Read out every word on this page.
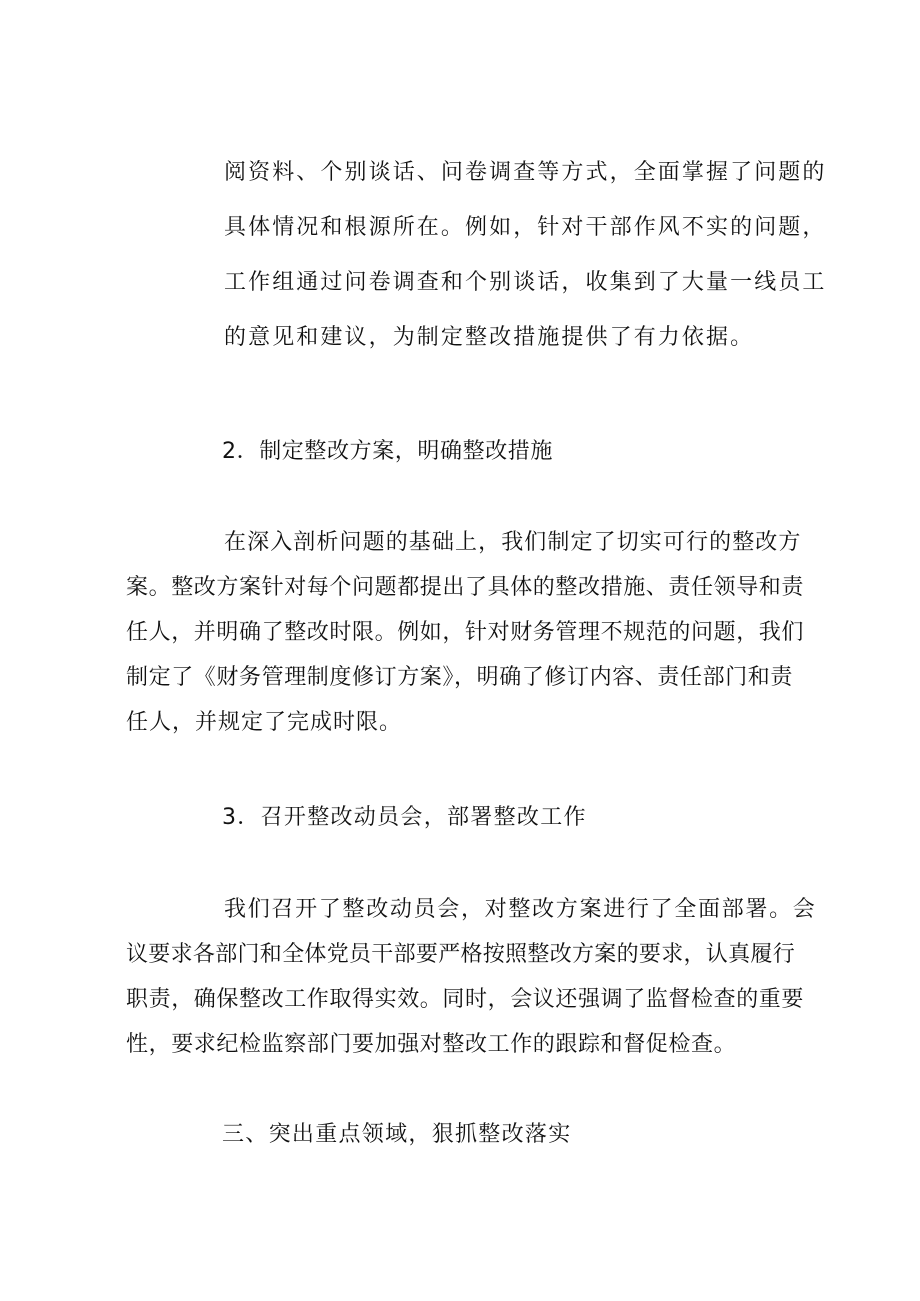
阅资料、个别谈话、问卷调查等方式，全面掌握了问题的

具体情况和根源所在。例如，针对干部作风不实的问题，

工作组通过问卷调查和个别谈话，收集到了大量一线员工

的意见和建议，为制定整改措施提供了有力依据。

2．制定整改方案，明确整改措施

在深入剖析问题的基础上，我们制定了切实可行的整改方

案。整改方案针对每个问题都提出了具体的整改措施、责任领导和责

任人，并明确了整改时限。例如，针对财务管理不规范的问题，我们

制定了《财务管理制度修订方案》，明确了修订内容、责任部门和责

任人，并规定了完成时限。

3．召开整改动员会，部署整改工作

我们召开了整改动员会，对整改方案进行了全面部署。会

议要求各部门和全体党员干部要严格按照整改方案的要求，认真履行

职责，确保整改工作取得实效。同时，会议还强调了监督检查的重要

性，要求纪检监察部门要加强对整改工作的跟踪和督促检查。

三、突出重点领域，狠抓整改落实
